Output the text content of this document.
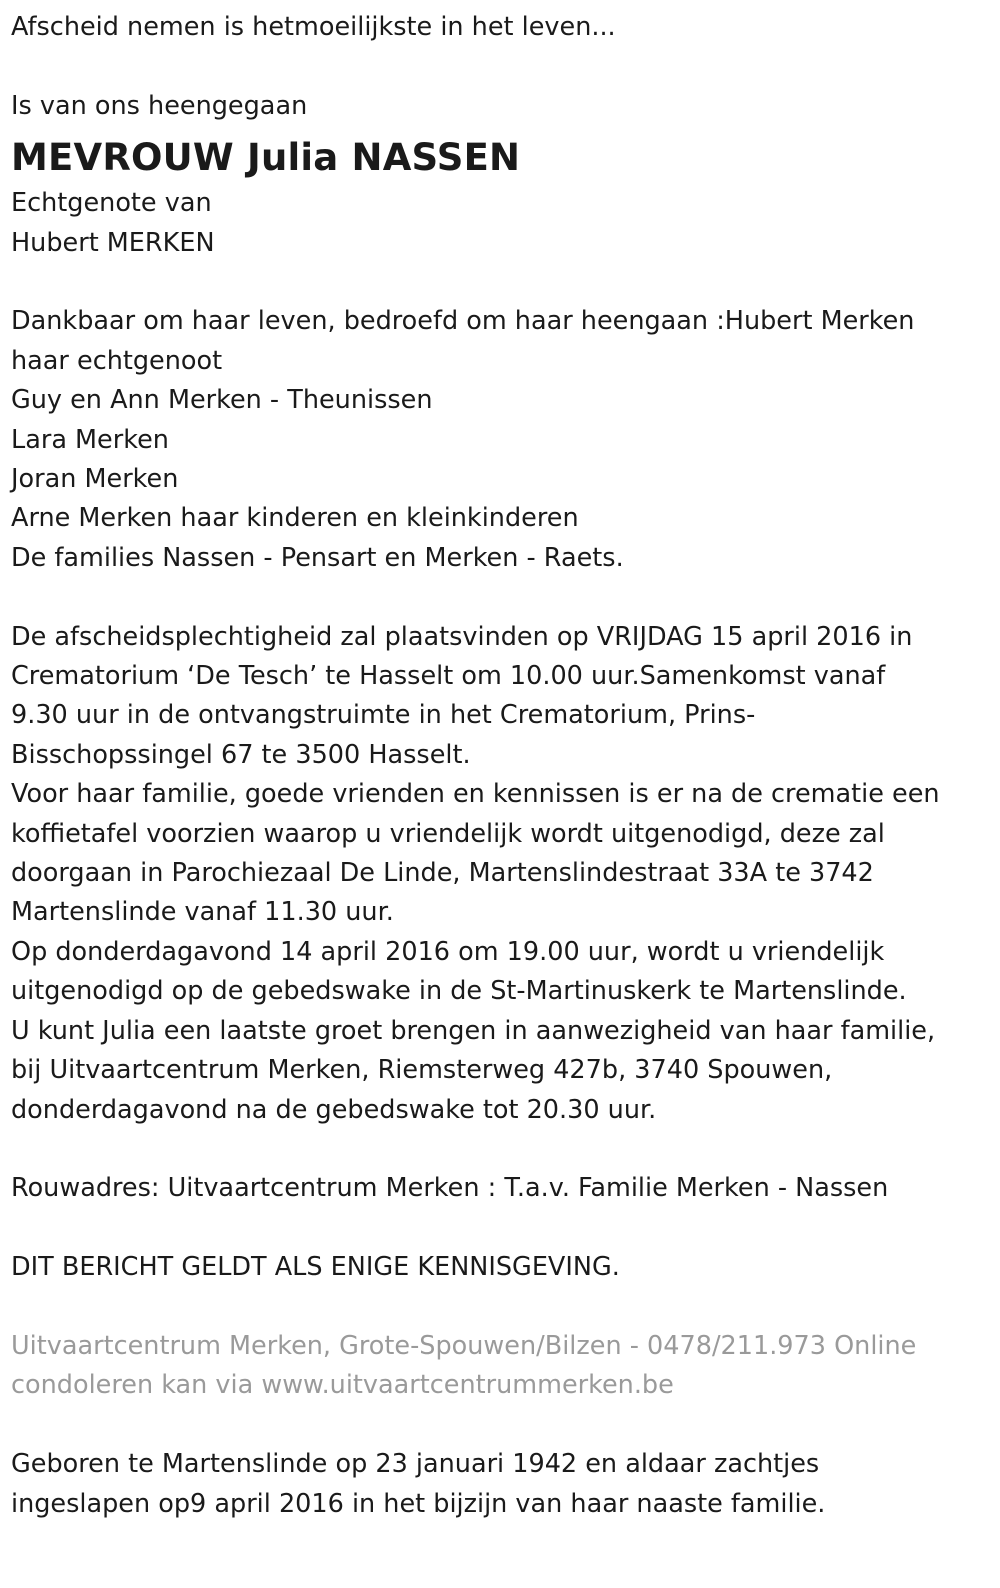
Afscheid nemen is hetmoeilijkste in het leven...
Is van ons heengegaan
MEVROUW Julia NASSEN
Echtgenote van
Hubert MERKEN
Dankbaar om haar leven, bedroefd om haar heengaan :Hubert Merken
haar echtgenoot
Guy en Ann Merken - Theunissen
Lara Merken
Joran Merken
Arne Merken haar kinderen en kleinkinderen
De families Nassen - Pensart en Merken - Raets.
De afscheidsplechtigheid zal plaatsvinden op VRIJDAG 15 april 2016 in
Crematorium ‘De Tesch’ te Hasselt om 10.00 uur.Samenkomst vanaf
9.30 uur in de ontvangstruimte in het Crematorium, Prins-
Bisschopssingel 67 te 3500 Hasselt.
Voor haar familie, goede vrienden en kennissen is er na de crematie een
koffietafel voorzien waarop u vriendelijk wordt uitgenodigd, deze zal
doorgaan in Parochiezaal De Linde, Martenslindestraat 33A te 3742
Martenslinde vanaf 11.30 uur.
Op donderdagavond 14 april 2016 om 19.00 uur, wordt u vriendelijk
uitgenodigd op de gebedswake in de St-Martinuskerk te Martenslinde.
U kunt Julia een laatste groet brengen in aanwezigheid van haar familie,
bij Uitvaartcentrum Merken, Riemsterweg 427b, 3740 Spouwen,
donderdagavond na de gebedswake tot 20.30 uur.
Rouwadres: Uitvaartcentrum Merken : T.a.v. Familie Merken - Nassen
DIT BERICHT GELDT ALS ENIGE KENNISGEVING.
Uitvaartcentrum Merken, Grote-Spouwen/Bilzen - 0478/211.973 Online
condoleren kan via www.uitvaartcentrummerken.be
Geboren te Martenslinde op 23 januari 1942 en aldaar zachtjes
ingeslapen op9 april 2016 in het bijzijn van haar naaste familie.
